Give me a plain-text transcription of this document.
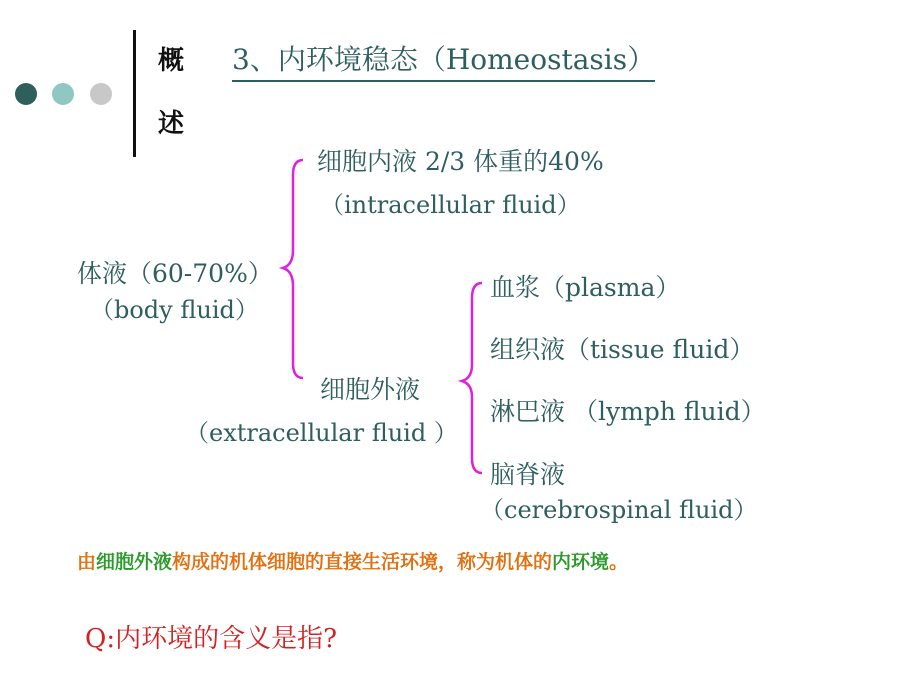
概
述
3、内环境稳态（Homeostasis）
体液（60-70%）
（body fluid）
细胞内液 2/3 体重的40%
（intracellular fluid）
细胞外液
（extracellular fluid ）
血浆（plasma）
组织液（tissue fluid）
淋巴液 （lymph fluid）
脑脊液
（cerebrospinal fluid）
由细胞外液构成的机体细胞的直接生活环境，称为机体的内环境。
Q:内环境的含义是指?
